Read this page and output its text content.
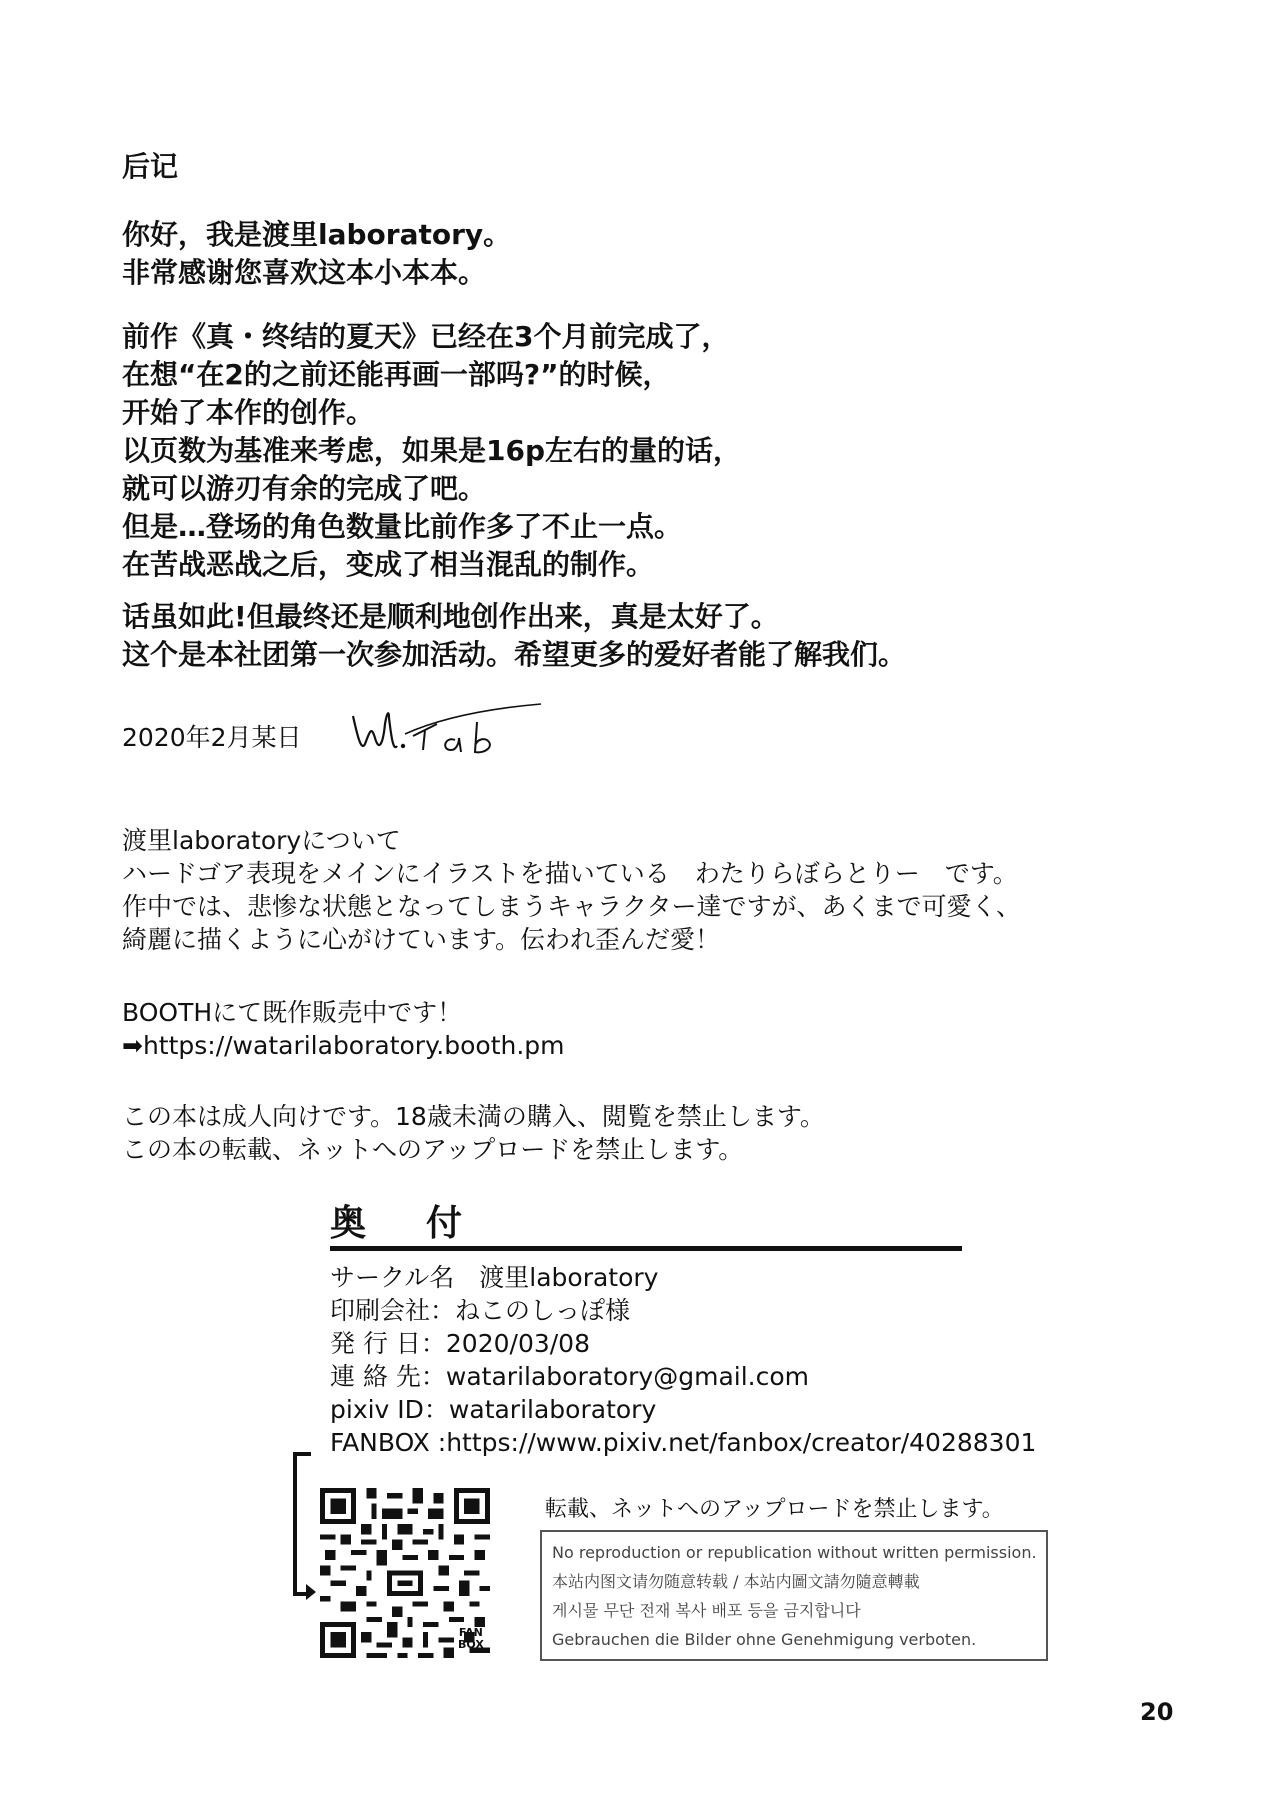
后记
你好，我是渡里laboratory。
非常感谢您喜欢这本小本本。
前作《真・终结的夏天》已经在3个月前完成了，
在想“在2的之前还能再画一部吗?”的时候，
开始了本作的创作。
以页数为基准来考虑，如果是16p左右的量的话，
就可以游刃有余的完成了吧。
但是…登场的角色数量比前作多了不止一点。
在苦战恶战之后，变成了相当混乱的制作。
话虽如此!但最终还是顺利地创作出来，真是太好了。
这个是本社团第一次参加活动。希望更多的爱好者能了解我们。
2020年2月某日
渡里laboratoryについて
ハードゴア表現をメインにイラストを描いている　わたりらぼらとりー　です。
作中では、悲惨な状態となってしまうキャラクター達ですが、あくまで可愛く、
綺麗に描くように心がけています。伝われ歪んだ愛！
BOOTHにて既作販売中です！
➡https://watarilaboratory.booth.pm
この本は成人向けです。18歳未満の購入、閲覧を禁止します。
この本の転載、ネットへのアップロードを禁止します。
奥　付
サークル名　 渡里laboratory
印刷会社： ねこのしっぽ様
発 行 日： 2020/03/08
連 絡 先： watarilaboratory@gmail.com
pixiv ID： watarilaboratory
FANBOX : https://www.pixiv.net/fanbox/creator/40288301
FAN
BOX
転載、ネットへのアップロードを禁止します。
No reproduction or republication without written permission.
本站内图文请勿随意转载 / 本站内圖文請勿隨意轉載
게시물 무단 전재 복사 배포 등을 금지합니다
Gebrauchen die Bilder ohne Genehmigung verboten.
20
